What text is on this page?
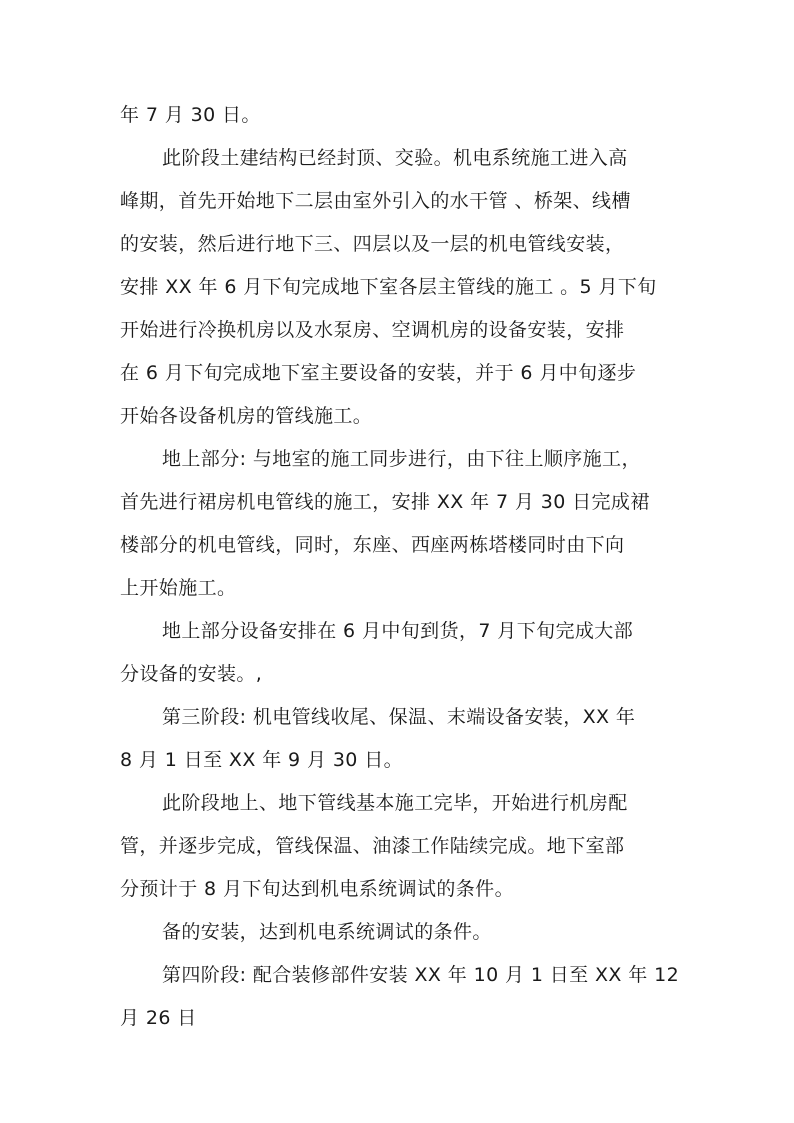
年 7 月 30 日。
此阶段土建结构已经封顶、交验。机电系统施工进入高
峰期，首先开始地下二层由室外引入的水干管 、桥架、线槽
的安装，然后进行地下三、四层以及一层的机电管线安装，
安排 XX 年 6 月下旬完成地下室各层主管线的施工 。5 月下旬
开始进行冷换机房以及水泵房、空调机房的设备安装，安排
在 6 月下旬完成地下室主要设备的安装，并于 6 月中旬逐步
开始各设备机房的管线施工。
地上部分: 与地室的施工同步进行，由下往上顺序施工，
首先进行裙房机电管线的施工，安排 XX 年 7 月 30 日完成裙
楼部分的机电管线，同时，东座、西座两栋塔楼同时由下向
上开始施工。
地上部分设备安排在 6 月中旬到货，7 月下旬完成大部
分设备的安装。,
第三阶段: 机电管线收尾、保温、末端设备安装，XX 年
8 月 1 日至 XX 年 9 月 30 日。
此阶段地上、地下管线基本施工完毕，开始进行机房配
管，并逐步完成，管线保温、油漆工作陆续完成。地下室部
分预计于 8 月下旬达到机电系统调试的条件。
备的安装，达到机电系统调试的条件。
第四阶段: 配合装修部件安装 XX 年 10 月 1 日至 XX 年 12
月 26 日
